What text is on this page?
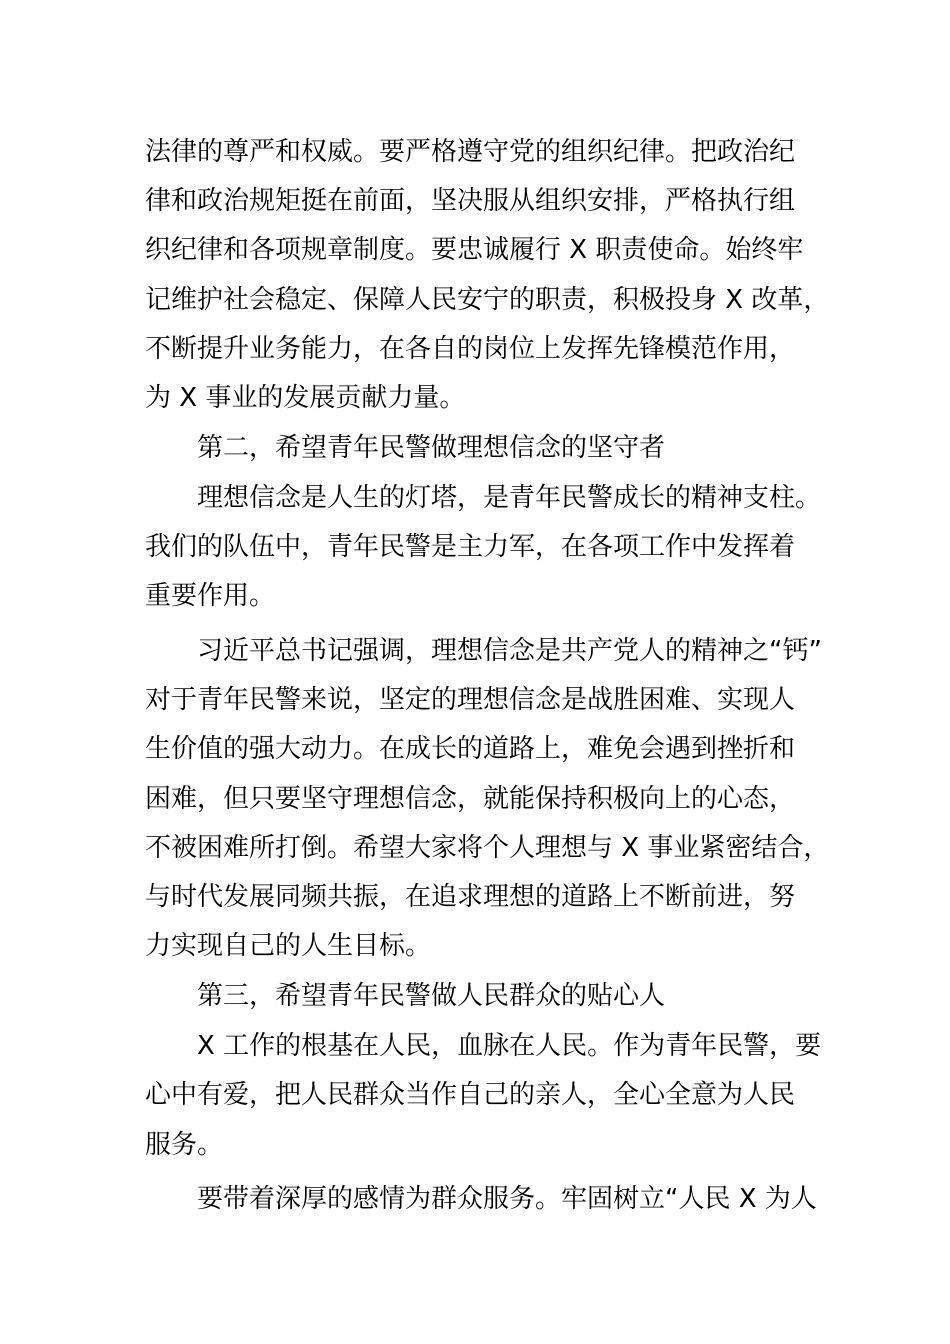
法律的尊严和权威。要严格遵守党的组织纪律。把政治纪
律和政治规矩挺在前面，坚决服从组织安排，严格执行组
织纪律和各项规章制度。要忠诚履行 X 职责使命。始终牢
记维护社会稳定、保障人民安宁的职责，积极投身 X 改革，
不断提升业务能力，在各自的岗位上发挥先锋模范作用，
为 X 事业的发展贡献力量。
第二，希望青年民警做理想信念的坚守者
理想信念是人生的灯塔，是青年民警成长的精神支柱。
我们的队伍中，青年民警是主力军，在各项工作中发挥着
重要作用。
习近平总书记强调，理想信念是共产党人的精神之“钙”
对于青年民警来说，坚定的理想信念是战胜困难、实现人
生价值的强大动力。在成长的道路上，难免会遇到挫折和
困难，但只要坚守理想信念，就能保持积极向上的心态，
不被困难所打倒。希望大家将个人理想与 X 事业紧密结合，
与时代发展同频共振，在追求理想的道路上不断前进，努
力实现自己的人生目标。
第三，希望青年民警做人民群众的贴心人
X 工作的根基在人民，血脉在人民。作为青年民警，要
心中有爱，把人民群众当作自己的亲人，全心全意为人民
服务。
要带着深厚的感情为群众服务。牢固树立“人民 X 为人
